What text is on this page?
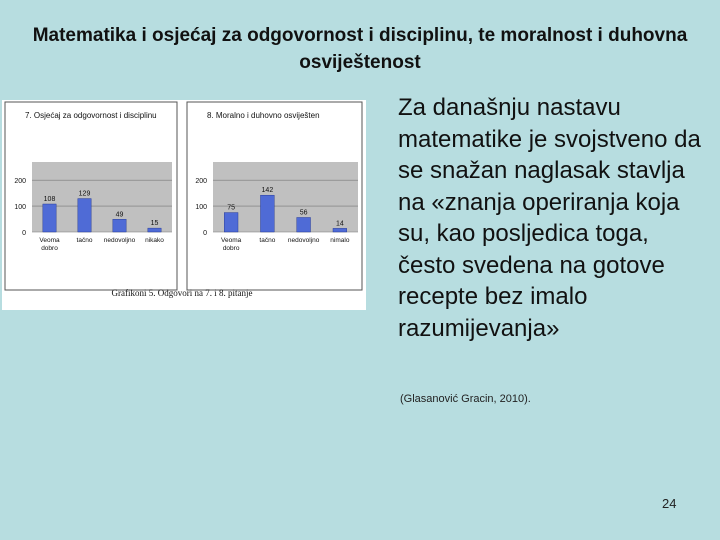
Matematika i osjećaj za odgovornost i disciplinu, te moralnost i duhovna osviještenost
7. Osjećaj za odgovornost i disciplinu
0
100
200
108
Veoma
dobro
129
tačno
49
nedovoljno
15
nikako
8. Moralno i duhovno osviješten
0
100
200
75
Veoma
dobro
142
tačno
56
nedovoljno
14
nimalo
Grafikoni 5. Odgovori na 7. i 8. pitanje
Za današnju nastavu matematike je svojstveno da se snažan naglasak stavlja na «znanja operiranja koja su, kao posljedica toga, često svedena na gotove recepte bez imalo razumijevanja»
(Glasanović Gracin, 2010).
24
